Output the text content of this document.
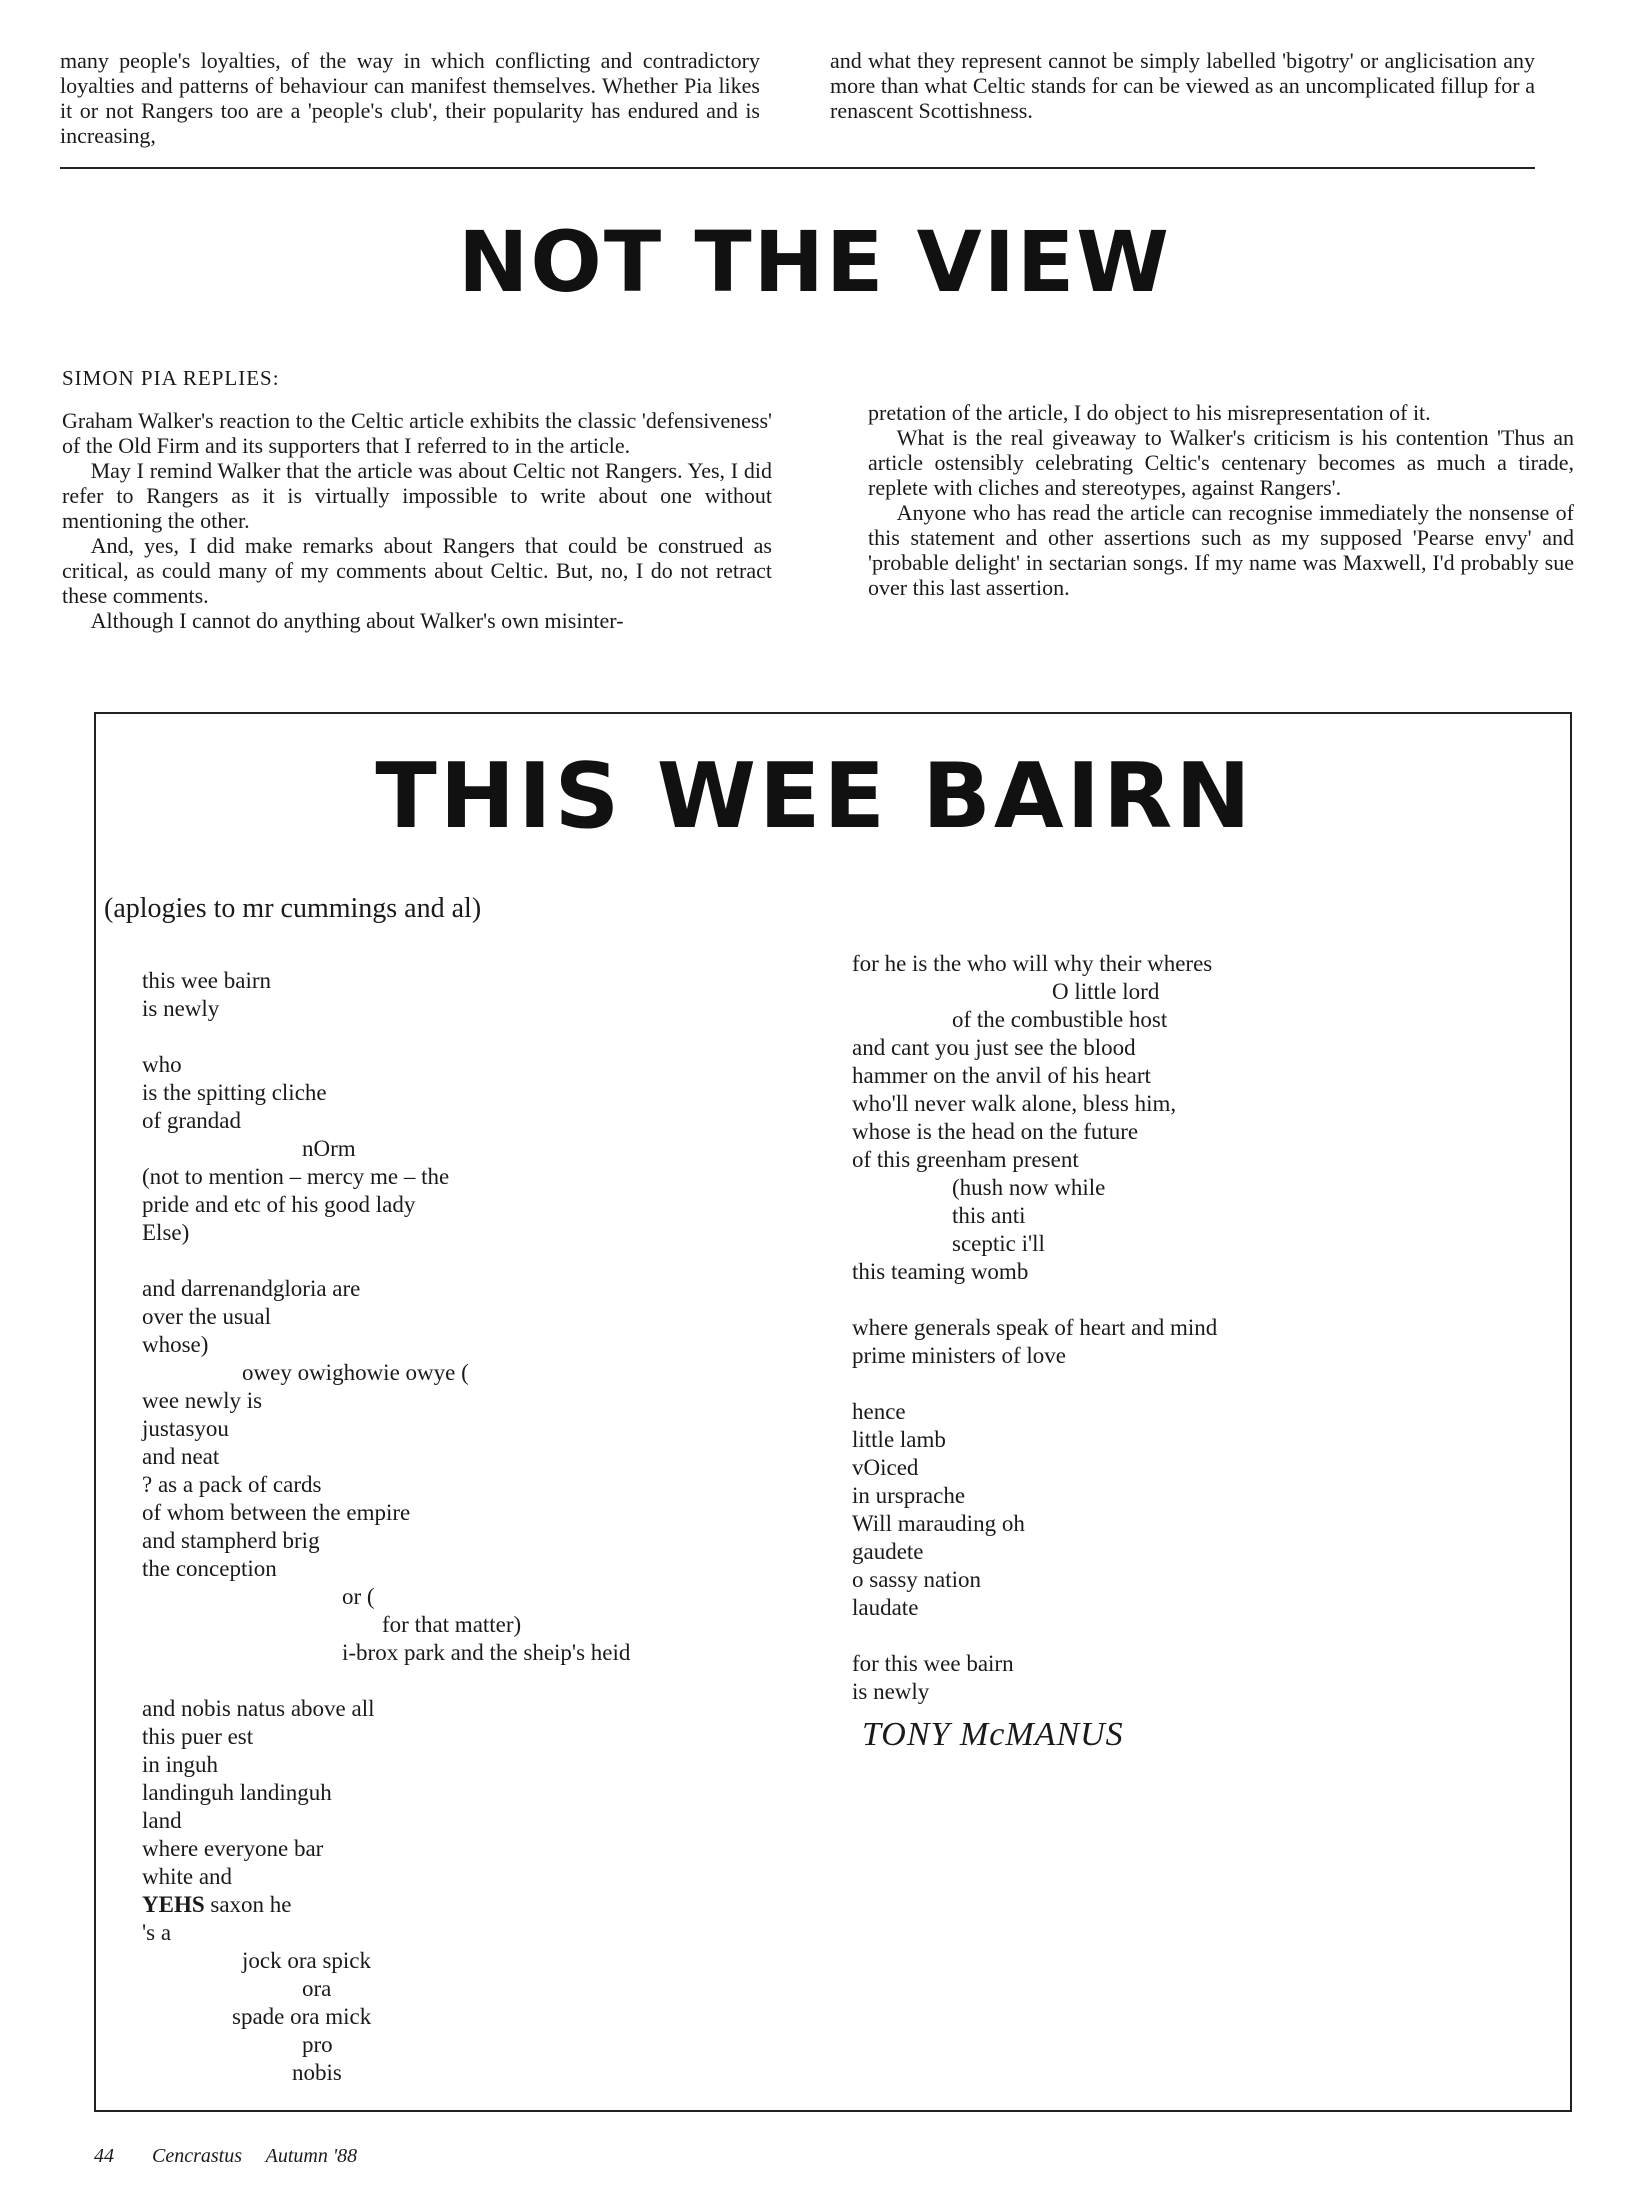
many people's loyalties, of the way in which conflicting and contradictory loyalties and patterns of behaviour can manifest themselves. Whether Pia likes it or not Rangers too are a 'people's club', their popularity has endured and is increasing,

and what they represent cannot be simply labelled 'bigotry' or anglicisation any more than what Celtic stands for can be viewed as an uncomplicated fillup for a renascent Scottishness.

NOT THE VIEW
SIMON PIA REPLIES:

Graham Walker's reaction to the Celtic article exhibits the classic 'defensiveness' of the Old Firm and its supporters that I referred to in the article.

May I remind Walker that the article was about Celtic not Rangers. Yes, I did refer to Rangers as it is virtually impossible to write about one without mentioning the other.

And, yes, I did make remarks about Rangers that could be construed as critical, as could many of my comments about Celtic. But, no, I do not retract these comments.

Although I cannot do anything about Walker's own misinter-

pretation of the article, I do object to his misrepresentation of it.

What is the real giveaway to Walker's criticism is his contention 'Thus an article ostensibly celebrating Celtic's centenary becomes as much a tirade, replete with cliches and stereotypes, against Rangers'.

Anyone who has read the article can recognise immediately the nonsense of this statement and other assertions such as my supposed 'Pearse envy' and 'probable delight' in sectarian songs. If my name was Maxwell, I'd probably sue over this last assertion.

THIS WEE BAIRN
(aplogies to mr cummings and al)
this wee bairn
is newly
who
is the spitting cliche
of grandad
nOrm
(not to mention – mercy me – the
pride and etc of his good lady
Else)
and darrenandgloria are
over the usual
whose)
owey owighowie owye (
wee newly is
justasyou
and neat
? as a pack of cards
of whom between the empire
and stampherd brig
the conception
or (
for that matter)
i-brox park and the sheip's heid
and nobis natus above all
this puer est
in inguh
landinguh landinguh
land
where everyone bar
white and
YEHS saxon he
's a
jock ora spick
ora
spade ora mick
pro
nobis
for he is the who will why their wheres
O little lord
of the combustible host
and cant you just see the blood
hammer on the anvil of his heart
who'll never walk alone, bless him,
whose is the head on the future
of this greenham present
(hush now while
this anti
sceptic i'll
this teaming womb
where generals speak of heart and mind
prime ministers of love
hence
little lamb
vOiced
in ursprache
Will marauding oh
gaudete
o sassy nation
laudate
for this wee bairn
is newly
TONY McMANUS
44 Cencrastus Autumn '88
